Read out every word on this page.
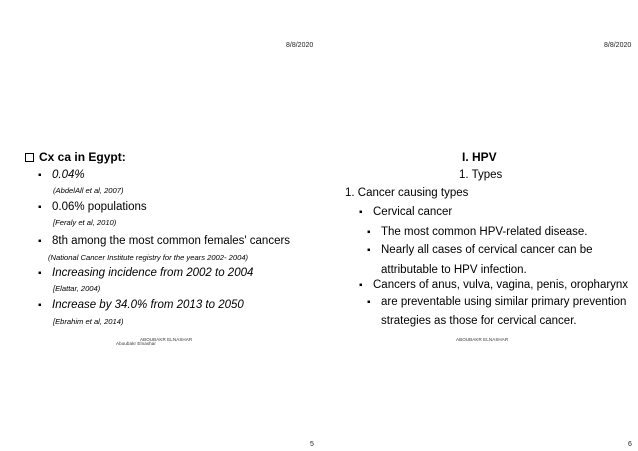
8/8/2020
Cx ca in Egypt:
▪ 0.04%
(AbdelAll et al, 2007)
▪ 0.06% populations
[Feraly et al, 2010)
▪ 8th among the most common females' cancers
(National Cancer Institute registry for the years 2002- 2004)
▪ Increasing incidence from 2002 to 2004
[Elattar, 2004)
▪ Increase by 34.0% from 2013 to 2050
[Ebrahim et al, 2014)
ABOUBAKR ELNASHAR
Aboubakr Elnashar
5
8/8/2020
I. HPV
1. Types
1. Cancer causing types
▪ Cervical cancer
▪ The most common HPV-related disease.
▪ Nearly all cases of cervical cancer can be
attributable to HPV infection.
▪ Cancers of anus, vulva, vagina, penis, oropharynx
▪ are preventable using similar primary prevention
strategies as those for cervical cancer.
ABOUBAKR ELNASHAR
6
